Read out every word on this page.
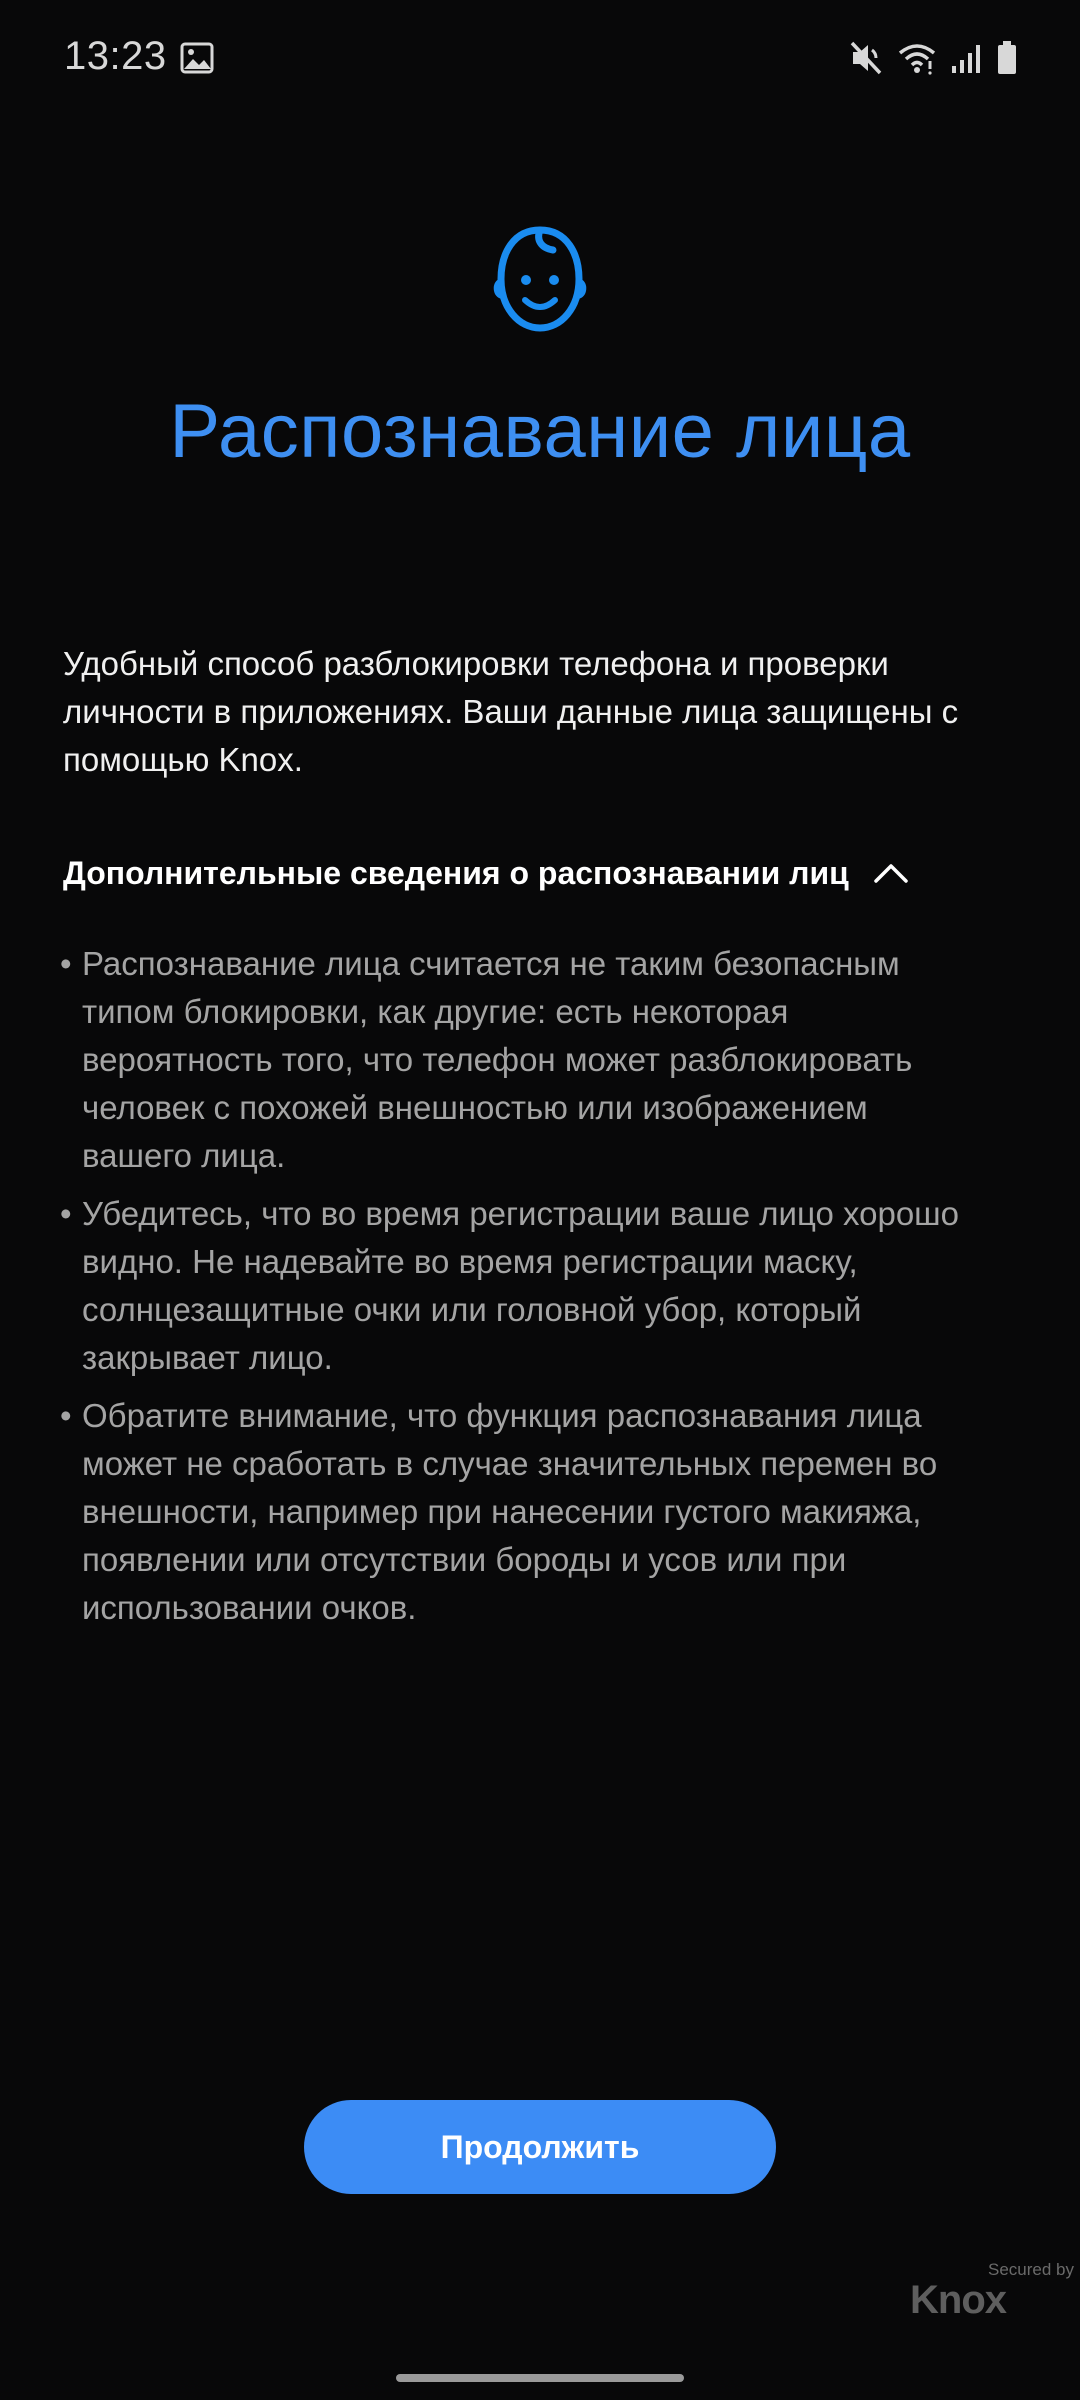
13:23
Распознавание лица

Удобный способ разблокировки телефона и проверки личности в приложениях. Ваши данные лица защищены с помощью Knox.

Дополнительные сведения о распознавании лиц
• Распознавание лица считается не таким безопасным типом блокировки, как другие: есть некоторая вероятность того, что телефон может разблокировать человек с похожей внешностью или изображением вашего лица.
• Убедитесь, что во время регистрации ваше лицо хорошо видно. Не надевайте во время регистрации маску, солнцезащитные очки или головной убор, который закрывает лицо.
• Обратите внимание, что функция распознавания лица может не сработать в случае значительных перемен во внешности, например при нанесении густого макияжа, появлении или отсутствии бороды и усов или при использовании очков.
Продолжить
Secured by
Knox
